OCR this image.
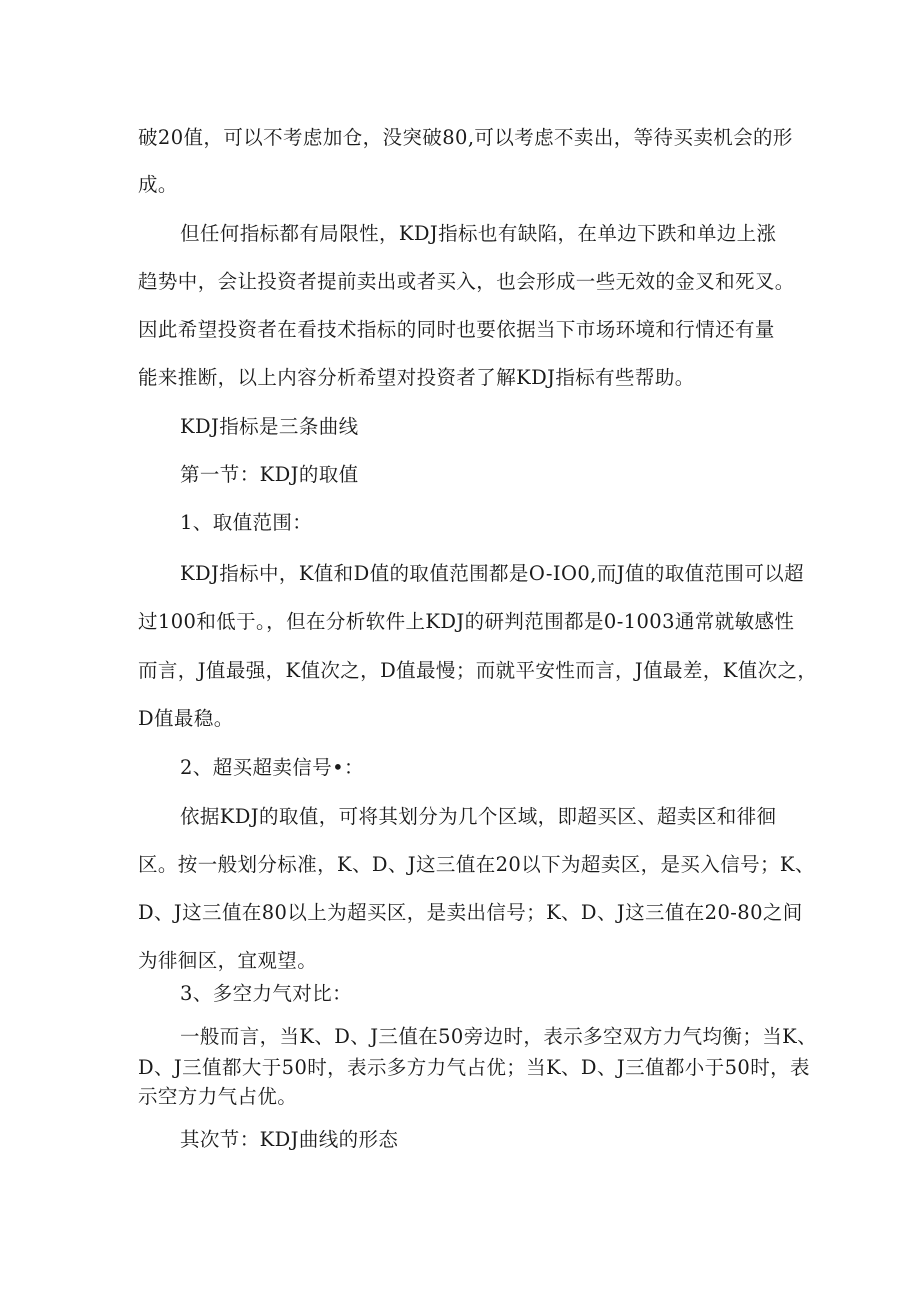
破20值，可以不考虑加仓，没突破80,可以考虑不卖出，等待买卖机会的形
成。
但任何指标都有局限性，KDJ指标也有缺陷，在单边下跌和单边上涨
趋势中，会让投资者提前卖出或者买入，也会形成一些无效的金叉和死叉。
因此希望投资者在看技术指标的同时也要依据当下市场环境和行情还有量
能来推断，以上内容分析希望对投资者了解KDJ指标有些帮助。
KDJ指标是三条曲线
第一节：KDJ的取值
1、取值范围：
KDJ指标中，K值和D值的取值范围都是O-IO0,而J值的取值范围可以超
过100和低于。，但在分析软件上KDJ的研判范围都是0-1003通常就敏感性
而言，J值最强，K值次之，D值最慢；而就平安性而言，J值最差，K值次之，
D值最稳。
2、超买超卖信号•：
依据KDJ的取值，可将其划分为几个区域，即超买区、超卖区和徘徊
区。按一般划分标准，K、D、J这三值在20以下为超卖区，是买入信号；K、
D、J这三值在80以上为超买区，是卖出信号；K、D、J这三值在20-80之间
为徘徊区，宜观望。
3、多空力气对比：
一般而言，当K、D、J三值在50旁边时，表示多空双方力气均衡；当K、
D、J三值都大于50时，表示多方力气占优；当K、D、J三值都小于50时，表
示空方力气占优。
其次节：KDJ曲线的形态
